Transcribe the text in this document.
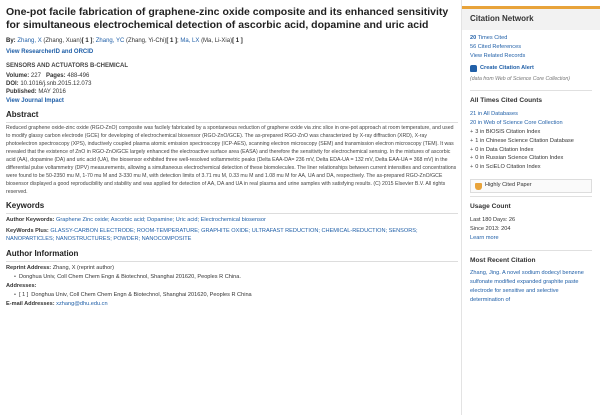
One-pot facile fabrication of graphene-zinc oxide composite and its enhanced sensitivity for simultaneous electrochemical detection of ascorbic acid, dopamine and uric acid
By: Zhang, X (Zhang, Xuan)[ 1 ]; Zhang, YC (Zhang, Yi-Chi)[ 1 ]; Ma, LX (Ma, Li-Xia)[ 1 ]
View ResearcherID and ORCID
SENSORS AND ACTUATORS B-CHEMICAL
Volume: 227 Pages: 488-496
DOI: 10.1016/j.snb.2015.12.073
Published: MAY 2016
View Journal Impact
Abstract
Reduced graphene oxide-zinc oxide (RGO-ZnO) composite was facilely fabricated by a spontaneous reduction of graphene oxide via zinc slice in one-pot approach at room temperature, and used to modify glassy carbon electrode (GCE) for developing of electrochemical biosensor (RGO-ZnO/GCE). The as-prepared RGO-ZnO was characterized by X-ray diffraction (XRD), X-ray photoelectron spectroscopy (XPS), inductively coupled plasma atomic emission spectroscopy (ICP-AES), scanning electron microscopy (SEM) and transmission electron microscopy (TEM). It was revealed that the existence of ZnO in RGO-ZnO/GCE largely enhanced the electroactive surface area (EASA) and therefore the sensitivity for electrochemical sensing. In the mixtures of ascorbic acid (AA), dopamine (DA) and uric acid (UA), the biosensor exhibited three well-resolved voltammetric peaks (Delta EAA-DA= 236 mV, Delta EDA-UA = 132 mV, Delta EAA-UA = 368 mV) in the differential pulse voltammetry (DPV) measurements, allowing a simultaneous electrochemical detection of these biomolecules. The liner relationships between current intensities and concentrations were found to be 50-2350 mu M, 1-70 mu M and 3-330 mu M, with detection limits of 3.71 mu M, 0.33 mu M and 1.08 mu M for AA, UA and DA, respectively. The as-prepared RGO-ZnO/GCE biosensor displayed a good reproducibility and stability and was applied for detection of AA, DA and UA in real plasma and urine samples with satisfying results. (C) 2015 Elsevier B.V. All rights reserved.
Keywords
Author Keywords: Graphene Zinc oxide; Ascorbic acid; Dopamine; Uric acid; Electrochemical biosensor
KeyWords Plus: GLASSY-CARBON ELECTRODE; ROOM-TEMPERATURE; GRAPHITE OXIDE; ULTRAFAST REDUCTION; CHEMICAL-REDUCTION; SENSORS; NANOPARTICLES; NANOSTRUCTURES; POWDER; NANOCOMPOSITE
Author Information
Reprint Address: Zhang, X (reprint author)
• Donghua Univ, Coll Chem Chem Engn & Biotechnol, Shanghai 201620, Peoples R China.
Addresses:
• [ 1 ] Donghua Univ, Coll Chem Chem Engn & Biotechnol, Shanghai 201620, Peoples R China
E-mail Addresses: xzhang@dhu.edu.cn
Citation Network
20 Times Cited
56 Cited References
View Related Records
Create Citation Alert
(data from Web of Science Core Collection)
All Times Cited Counts
21 in All Databases
20 in Web of Science Core Collection
+ 3 in BIOSIS Citation Index
+ 1 in Chinese Science Citation Database
+ 0 in Data Citation Index
+ 0 in Russian Science Citation Index
+ 0 in SciELO Citation Index
Highly Cited Paper
Usage Count
Last 180 Days: 26
Since 2013: 204
Learn more
Most Recent Citation
Zhang, Jing. A novel sodium dodecyl benzene sulfonate modified expanded graphite paste electrode for sensitive and selective determination of
